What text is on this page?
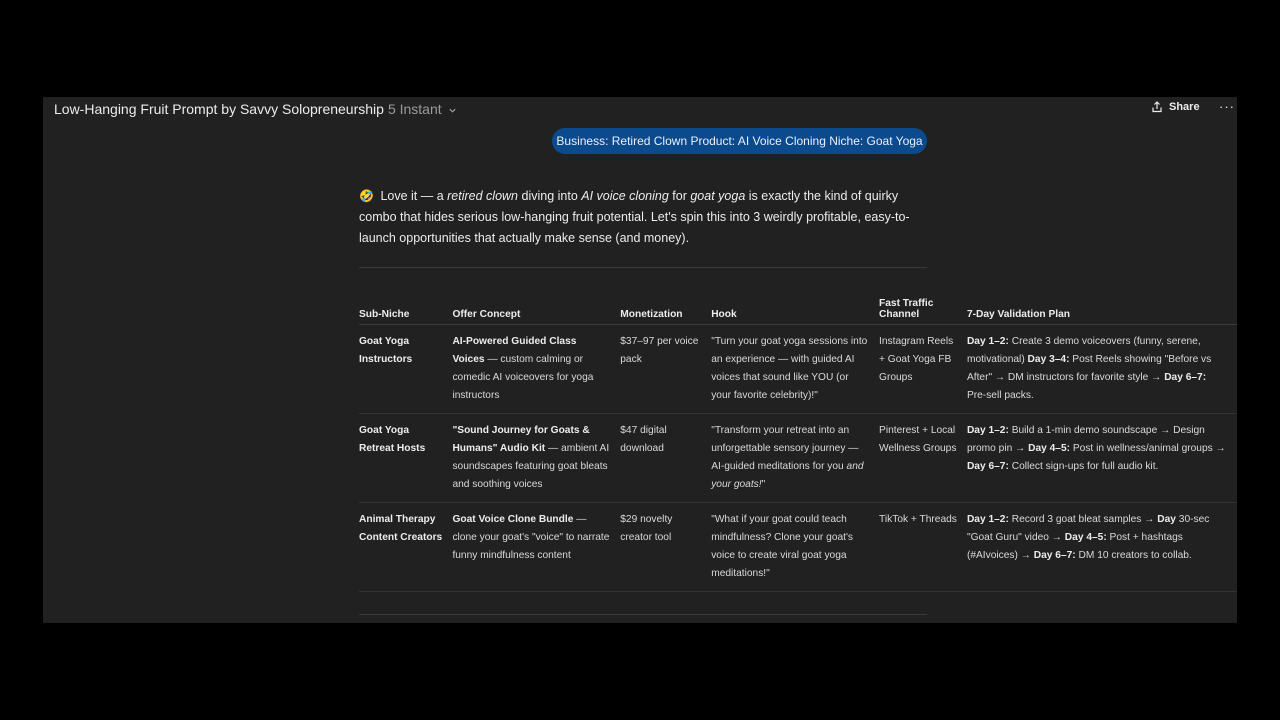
Low-Hanging Fruit Prompt by Savvy Solopreneurship 5 Instant	Share ···
Business: Retired Clown Product: AI Voice Cloning Niche: Goat Yoga
🤣 Love it — a retired clown diving into AI voice cloning for goat yoga is exactly the kind of quirky combo that hides serious low-hanging fruit potential. Let's spin this into 3 weirdly profitable, easy-to-launch opportunities that actually make sense (and money).
Sub-Niche	Offer Concept	Monetization	Hook	Fast Traffic Channel	7-Day Validation Plan
Goat Yoga Instructors	AI-Powered Guided Class Voices — custom calming or comedic AI voiceovers for yoga instructors	$37–97 per voice pack	"Turn your goat yoga sessions into an experience — with guided AI voices that sound like YOU (or your favorite celebrity)!"	Instagram Reels + Goat Yoga FB Groups	Day 1–2: Create 3 demo voiceovers (funny, serene, motivational) Day 3–4: Post Reels showing "Before vs After" → DM instructors for favorite style → Day 6–7: Pre-sell packs.

Goat Yoga Retreat Hosts	"Sound Journey for Goats & Humans" Audio Kit — ambient AI soundscapes featuring goat bleats and soothing voices	$47 digital download	"Transform your retreat into an unforgettable sensory journey — AI-guided meditations for you and your goats!"	Pinterest + Local Wellness Groups	Day 1–2: Build a 1-min demo soundscape → Design promo pin → Day 4–5: Post in wellness/animal groups → Day 6–7: Collect sign-ups for full audio kit.

Animal Therapy Content Creators	Goat Voice Clone Bundle — clone your goat's "voice" to narrate funny mindfulness content	$29 novelty creator tool	"What if your goat could teach mindfulness? Clone your goat's voice to create viral goat yoga meditations!"	TikTok + Threads	Day 1–2: Record 3 goat bleat samples → Day 30-sec "Goat Guru" video → Day 4–5: Post + hashtags (#AIvoices) → Day 6–7: DM 10 creators to collab.
